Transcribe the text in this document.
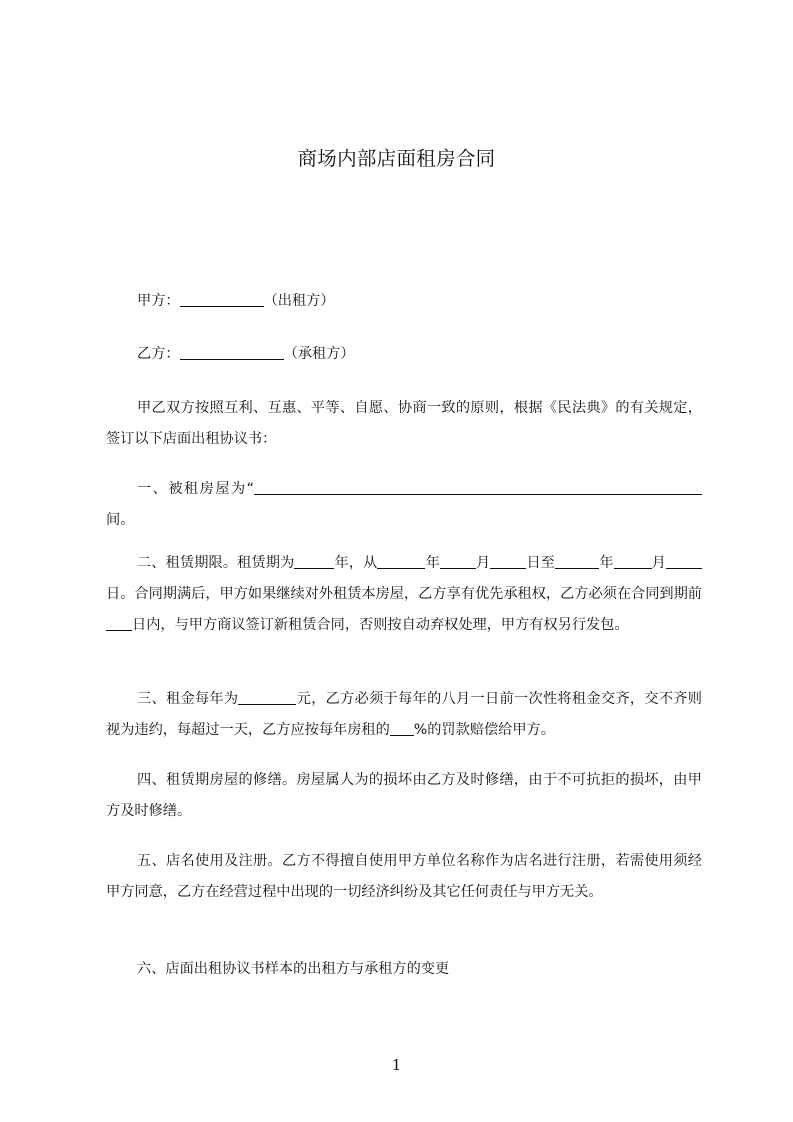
商场内部店面租房合同
甲方：	（出租方）
乙方：	（承租方）
甲乙双方按照互利、互惠、平等、自愿、协商一致的原则，根据《民法典》的有关规定，签订以下店面出租协议书：
一、被租房屋为“间。
二、租赁期限。租赁期为	年，从	年	月	日至	年	月日。合同期满后，甲方如果继续对外租赁本房屋，乙方享有优先承租权，乙方必须在合同到期前日内，与甲方商议签订新租赁合同，否则按自动弃权处理，甲方有权另行发包。
三、租金每年为	元，乙方必须于每年的八月一日前一次性将租金交齐，交不齐则视为违约，每超过一天，乙方应按每年房租的 %的罚款赔偿给甲方。
四、租赁期房屋的修缮。房屋属人为的损坏由乙方及时修缮，由于不可抗拒的损坏，由甲方及时修缮。
五、店名使用及注册。乙方不得擅自使用甲方单位名称作为店名进行注册，若需使用须经甲方同意，乙方在经营过程中出现的一切经济纠纷及其它任何责任与甲方无关。
六、店面出租协议书样本的出租方与承租方的变更
1
